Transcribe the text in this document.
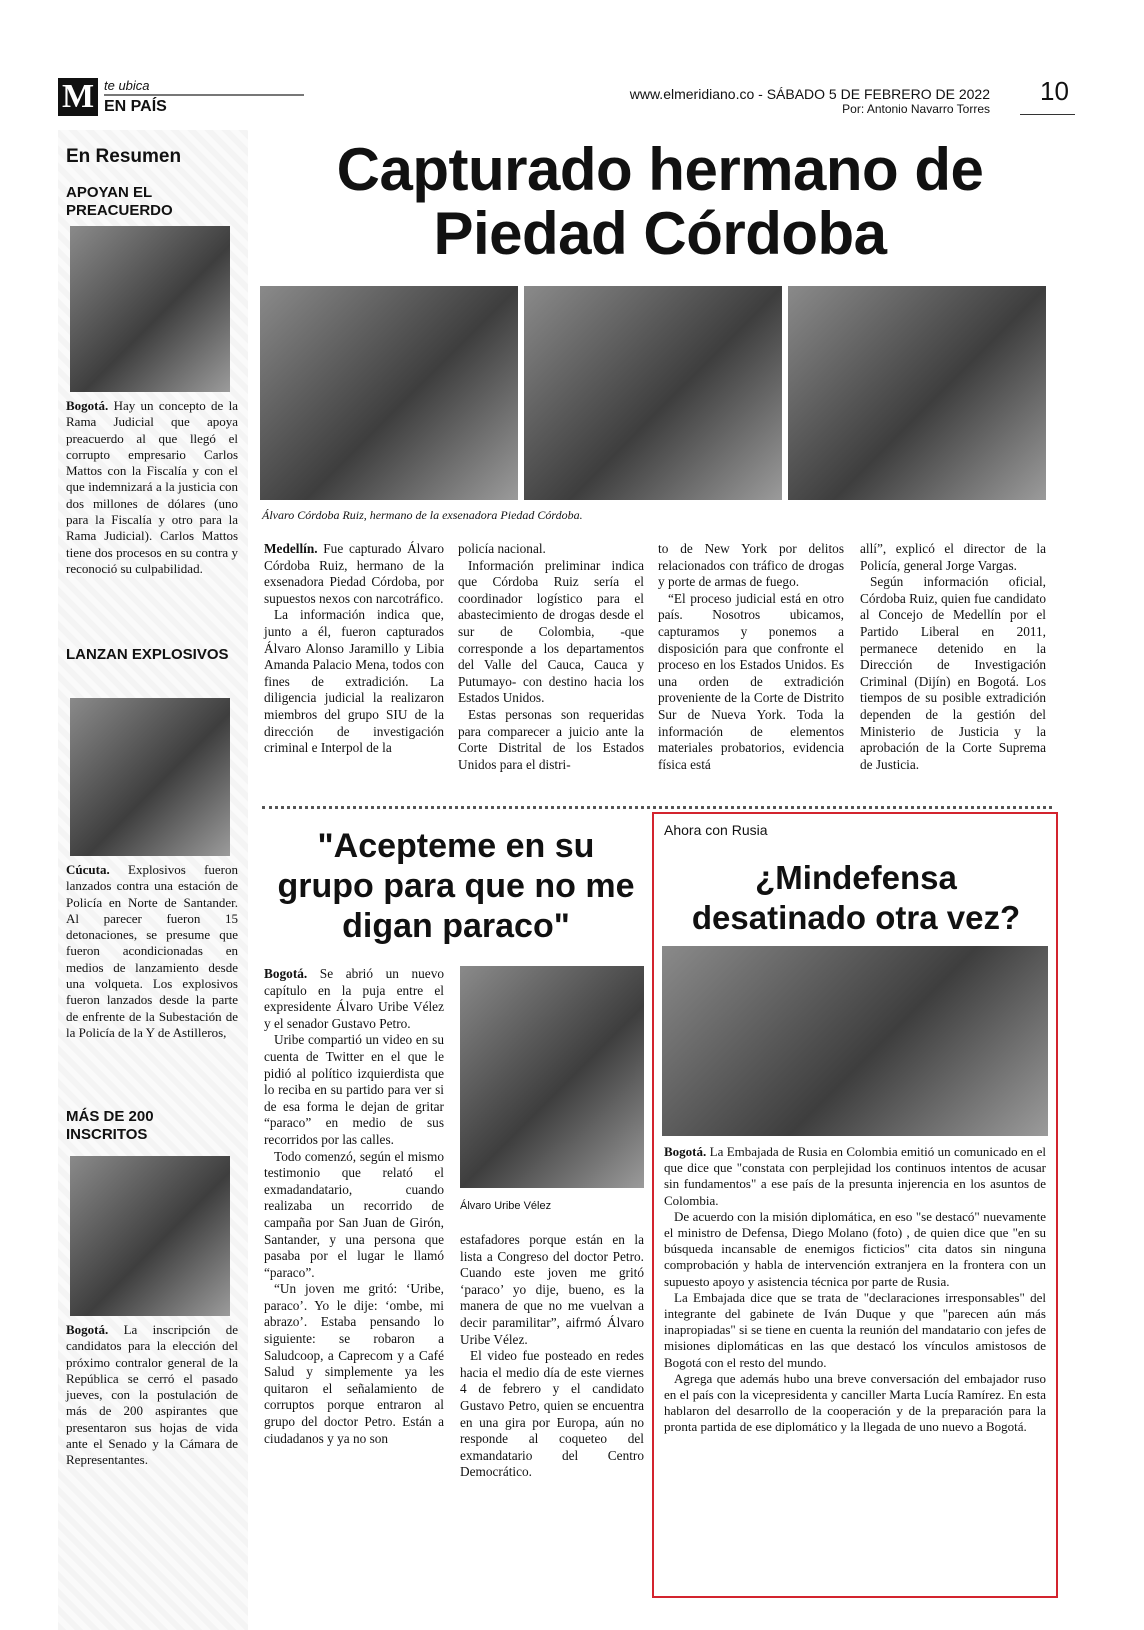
M te ubica
EN PAÍS
www.elmeridiano.co - SÁBADO 5 DE FEBRERO DE 2022
Por: Antonio Navarro Torres
10
En Resumen
APOYAN EL PREACUERDO
Bogotá. Hay un concepto de la Rama Judicial que apoya preacuerdo al que llegó el corrupto empresario Carlos Mattos con la Fiscalía y con el que indemnizará a la justicia con dos millones de dólares (uno para la Fiscalía y otro para la Rama Judicial). Carlos Mattos tiene dos procesos en su contra y reconoció su culpabilidad.
LANZAN EXPLOSIVOS
Cúcuta. Explosivos fueron lanzados contra una estación de Policía en Norte de Santander. Al parecer fueron 15 detonaciones, se presume que fueron acondicionadas en medios de lanzamiento desde una volqueta. Los explosivos fueron lanzados desde la parte de enfrente de la Subestación de la Policía de la Y de Astilleros,
MÁS DE 200 INSCRITOS
Bogotá. La inscripción de candidatos para la elección del próximo contralor general de la República se cerró el pasado jueves, con la postulación de más de 200 aspirantes que presentaron sus hojas de vida ante el Senado y la Cámara de Representantes.
Capturado hermano de Piedad Córdoba
Álvaro Córdoba Ruiz, hermano de la exsenadora Piedad Córdoba.

Medellín. Fue capturado Álvaro Córdoba Ruiz, hermano de la exsenadora Piedad Córdoba, por supuestos nexos con narcotráfico.

La información indica que, junto a él, fueron capturados Álvaro Alonso Jaramillo y Libia Amanda Palacio Mena, todos con fines de extradición. La diligencia judicial la realizaron miembros del grupo SIU de la dirección de investigación criminal e Interpol de la

policía nacional.

Información preliminar indica que Córdoba Ruiz sería el coordinador logístico para el abastecimiento de drogas desde el sur de Colombia, -que corresponde a los departamentos del Valle del Cauca, Cauca y Putumayo- con destino hacia los Estados Unidos.

Estas personas son requeridas para comparecer a juicio ante la Corte Distrital de los Estados Unidos para el distri-

to de New York por delitos relacionados con tráfico de drogas y porte de armas de fuego.

“El proceso judicial está en otro país. Nosotros ubicamos, capturamos y ponemos a disposición para que confronte el proceso en los Estados Unidos. Es una orden de extradición proveniente de la Corte de Distrito Sur de Nueva York. Toda la información de elementos materiales probatorios, evidencia física está

allí”, explicó el director de la Policía, general Jorge Vargas.

Según información oficial, Córdoba Ruiz, quien fue candidato al Concejo de Medellín por el Partido Liberal en 2011, permanece detenido en la Dirección de Investigación Criminal (Dijín) en Bogotá. Los tiempos de su posible extradición dependen de la gestión del Ministerio de Justicia y la aprobación de la Corte Suprema de Justicia.

"Acepteme en su grupo para que no me digan paraco"

Bogotá. Se abrió un nuevo capítulo en la puja entre el expresidente Álvaro Uribe Vélez y el senador Gustavo Petro.

Uribe compartió un video en su cuenta de Twitter en el que le pidió al político izquierdista que lo reciba en su partido para ver si de esa forma le dejan de gritar “paraco” en medio de sus recorridos por las calles.

Todo comenzó, según el mismo testimonio que relató el exmadandatario, cuando realizaba un recorrido de campaña por San Juan de Girón, Santander, y una persona que pasaba por el lugar le llamó “paraco”.

“Un joven me gritó: ‘Uribe, paraco’. Yo le dije: ‘ombe, mi abrazo’. Estaba pensando lo siguiente: se robaron a Saludcoop, a Caprecom y a Café Salud y simplemente ya les quitaron el señalamiento de corruptos porque entraron al grupo del doctor Petro. Están a ciudadanos y ya no son

Álvaro Uribe Vélez

estafadores porque están en la lista a Congreso del doctor Petro. Cuando este joven me gritó ‘paraco’ yo dije, bueno, es la manera de que no me vuelvan a decir paramilitar”, aifrmó Álvaro Uribe Vélez.

El video fue posteado en redes hacia el medio día de este viernes 4 de febrero y el candidato Gustavo Petro, quien se encuentra en una gira por Europa, aún no responde al coqueteo del exmandatario del Centro Democrático.

Ahora con Rusia
¿Mindefensa desatinado otra vez?

Bogotá. La Embajada de Rusia en Colombia emitió un comunicado en el que dice que "constata con perplejidad los continuos intentos de acusar sin fundamentos" a ese país de la presunta injerencia en los asuntos de Colombia.

De acuerdo con la misión diplomática, en eso "se destacó" nuevamente el ministro de Defensa, Diego Molano (foto) , de quien dice que "en su búsqueda incansable de enemigos ficticios" cita datos sin ninguna comprobación y habla de intervención extranjera en la frontera con un supuesto apoyo y asistencia técnica por parte de Rusia.

La Embajada dice que se trata de "declaraciones irresponsables" del integrante del gabinete de Iván Duque y que "parecen aún más inapropiadas" si se tiene en cuenta la reunión del mandatario con jefes de misiones diplomáticas en las que destacó los vínculos amistosos de Bogotá con el resto del mundo.

Agrega que además hubo una breve conversación del embajador ruso en el país con la vicepresidenta y canciller Marta Lucía Ramírez. En esta hablaron del desarrollo de la cooperación y de la preparación para la pronta partida de ese diplomático y la llegada de uno nuevo a Bogotá.
